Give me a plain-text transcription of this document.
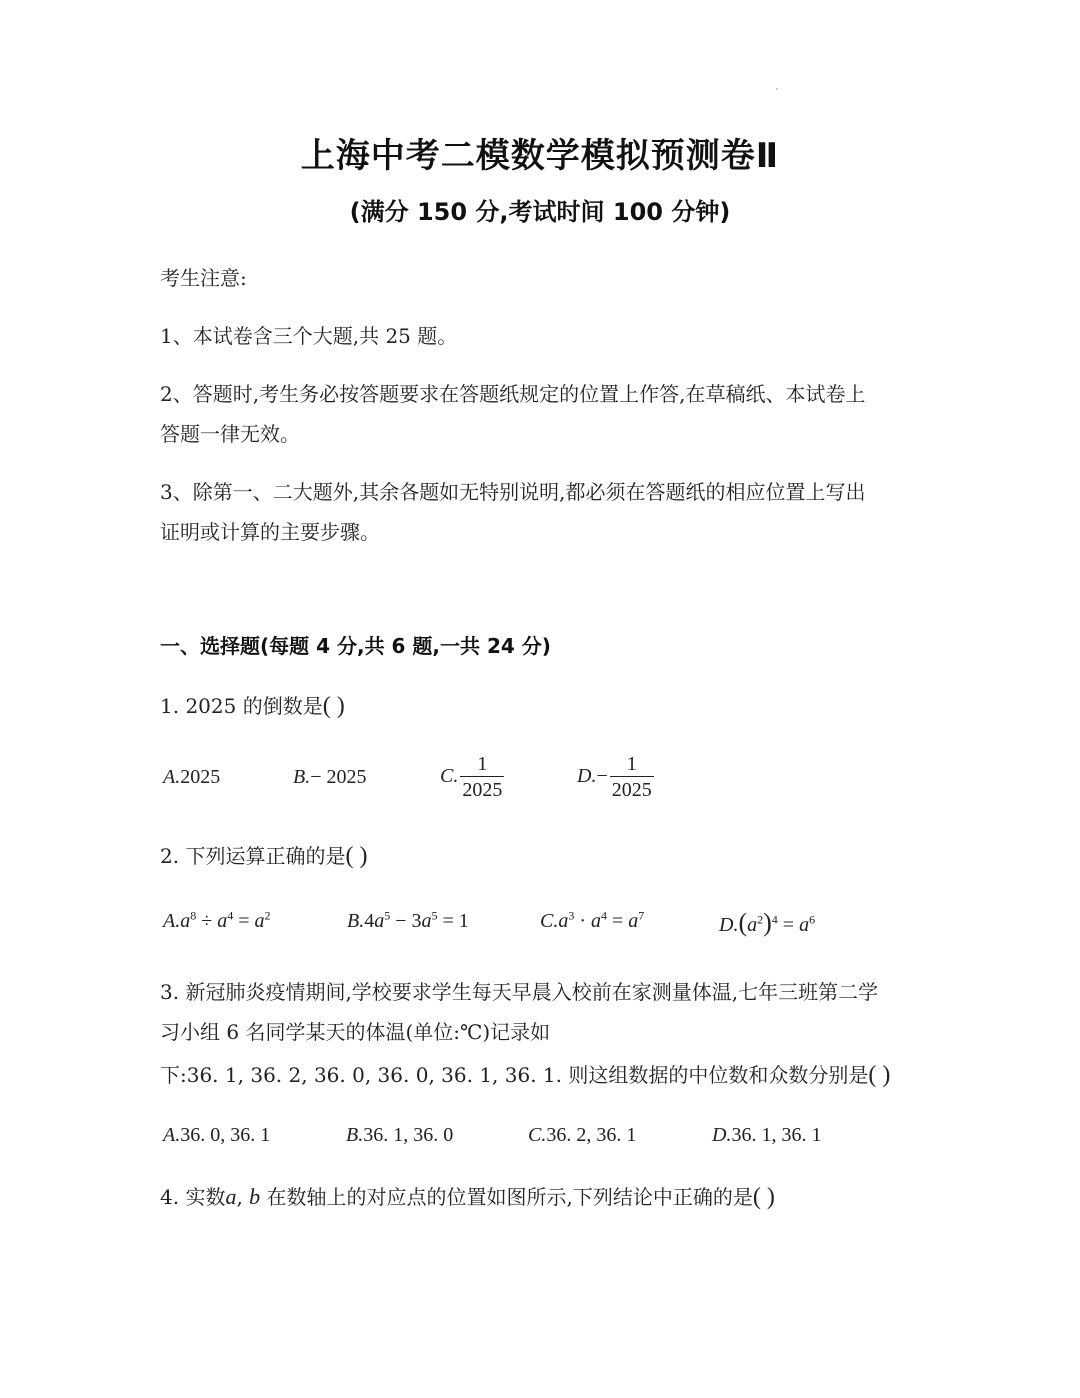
上海中考二模数学模拟预测卷Ⅱ
(满分 150 分,考试时间 100 分钟)
考生注意:
1、本试卷含三个大题,共 25 题。
2、答题时,考生务必按答题要求在答题纸规定的位置上作答,在草稿纸、本试卷上
答题一律无效。
3、除第一、二大题外,其余各题如无特别说明,都必须在答题纸的相应位置上写出
证明或计算的主要步骤。
一、选择题(每题 4 分,共 6 题,一共 24 分)
1. 2025 的倒数是( )
A.2025	B.− 2025	C. $\frac{1}{2025}$	$D.- \frac{1}{2025}$
2. 下列运算正确的是( )
$A.a^8 \div a^4 = a^2$	$B.4a^5 - 3a^5 = 1$	$C.a^3 \cdot a^4 = a^7$	$D.(a^2)^4 = a^6$
3. 新冠肺炎疫情期间,学校要求学生每天早晨入校前在家测量体温,七年三班第二学
习小组 6 名同学某天的体温(单位:℃)记录如
下:36. 1, 36. 2, 36. 0, 36. 0, 36. 1, 36. 1. 则这组数据的中位数和众数分别是( )
A.36. 0, 36. 1	B.36. 1, 36. 0	C.36. 2, 36. 1	D.36. 1, 36. 1
4. 实数a, b 在数轴上的对应点的位置如图所示,下列结论中正确的是( )
